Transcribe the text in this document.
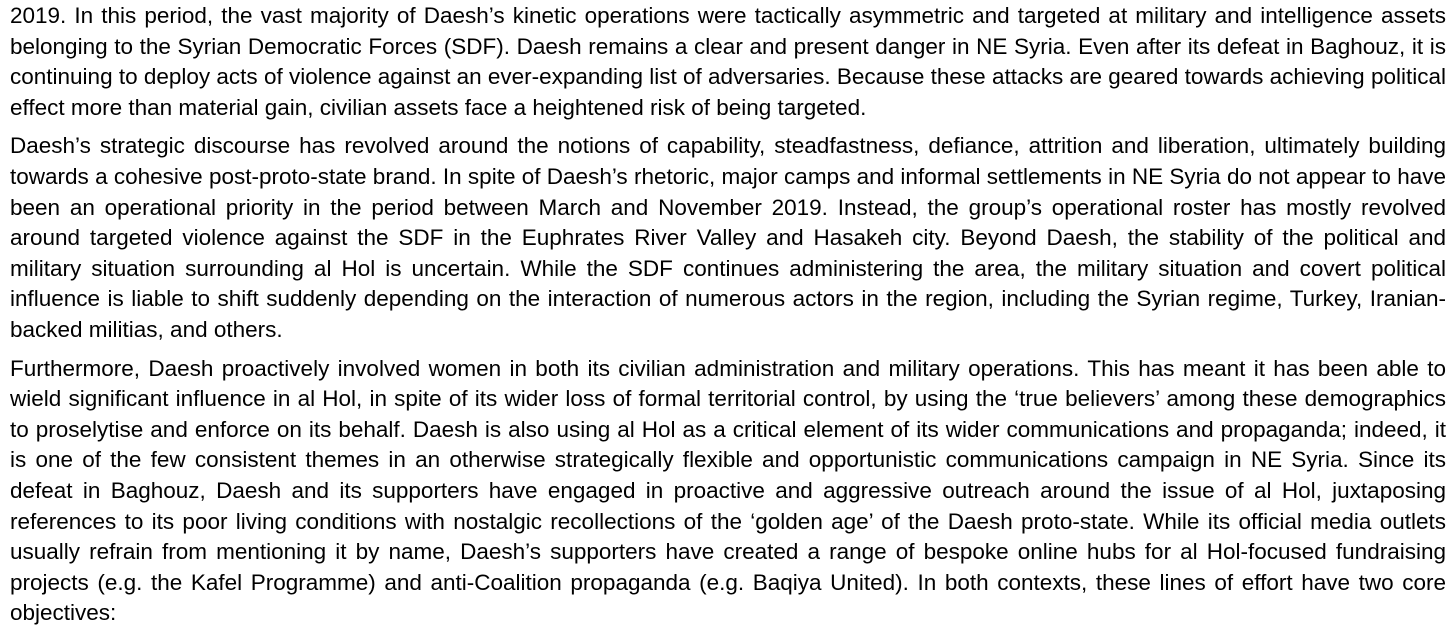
2019. In this period, the vast majority of Daesh’s kinetic operations were tactically asymmetric and targeted at military and intelligence assets belonging to the Syrian Democratic Forces (SDF). Daesh remains a clear and present danger in NE Syria. Even after its defeat in Baghouz, it is continuing to deploy acts of violence against an ever-expanding list of adversaries. Because these attacks are geared towards achieving political effect more than material gain, civilian assets face a heightened risk of being targeted.

Daesh’s strategic discourse has revolved around the notions of capability, steadfastness, defiance, attrition and liberation, ultimately building towards a cohesive post-proto-state brand. In spite of Daesh’s rhetoric, major camps and informal settlements in NE Syria do not appear to have been an operational priority in the period between March and November 2019. Instead, the group’s operational roster has mostly revolved around targeted violence against the SDF in the Euphrates River Valley and Hasakeh city. Beyond Daesh, the stability of the political and military situation surrounding al Hol is uncertain. While the SDF continues administering the area, the military situation and covert political influence is liable to shift suddenly depending on the interaction of numerous actors in the region, including the Syrian regime, Turkey, Iranian-backed militias, and others.

Furthermore, Daesh proactively involved women in both its civilian administration and military operations. This has meant it has been able to wield significant influence in al Hol, in spite of its wider loss of formal territorial control, by using the ‘true believers’ among these demographics to proselytise and enforce on its behalf. Daesh is also using al Hol as a critical element of its wider communications and propaganda; indeed, it is one of the few consistent themes in an otherwise strategically flexible and opportunistic communications campaign in NE Syria. Since its defeat in Baghouz, Daesh and its supporters have engaged in proactive and aggressive outreach around the issue of al Hol, juxtaposing references to its poor living conditions with nostalgic recollections of the ‘golden age’ of the Daesh proto-state. While its official media outlets usually refrain from mentioning it by name, Daesh’s supporters have created a range of bespoke online hubs for al Hol-focused fundraising projects (e.g. the Kafel Programme) and anti-Coalition propaganda (e.g. Baqiya United). In both contexts, these lines of effort have two core objectives:
